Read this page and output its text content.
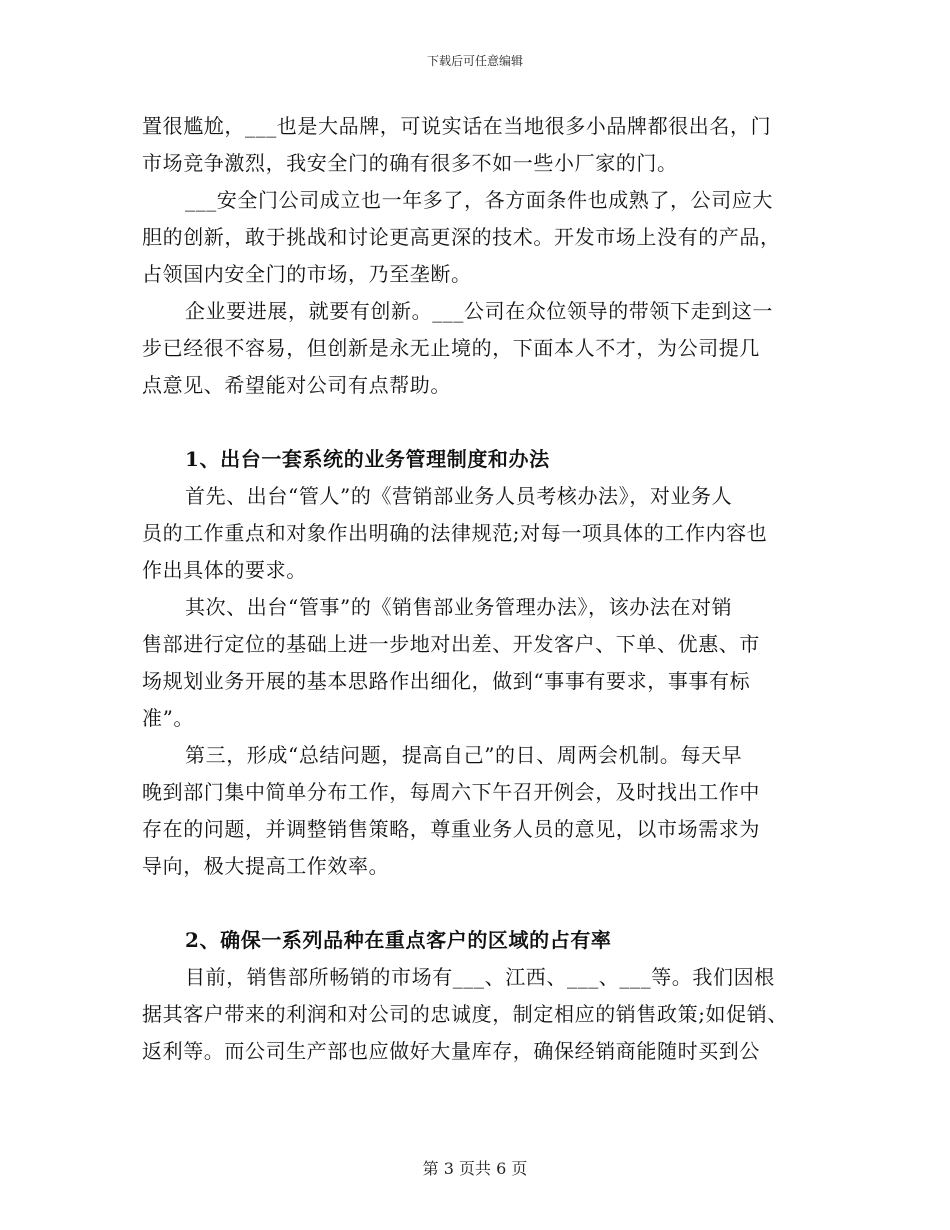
下载后可任意编辑
置很尴尬，___也是大品牌，可说实话在当地很多小品牌都很出名，门
市场竞争激烈，我安全门的确有很多不如一些小厂家的门。
___安全门公司成立也一年多了，各方面条件也成熟了，公司应大
胆的创新，敢于挑战和讨论更高更深的技术。开发市场上没有的产品，
占领国内安全门的市场，乃至垄断。
企业要进展，就要有创新。___公司在众位领导的带领下走到这一
步已经很不容易，但创新是永无止境的，下面本人不才，为公司提几
点意见、希望能对公司有点帮助。
1、出台一套系统的业务管理制度和办法
首先、出台“管人”的《营销部业务人员考核办法》，对业务人
员的工作重点和对象作出明确的法律规范;对每一项具体的工作内容也
作出具体的要求。
其次、出台“管事”的《销售部业务管理办法》，该办法在对销
售部进行定位的基础上进一步地对出差、开发客户、下单、优惠、市
场规划业务开展的基本思路作出细化，做到“事事有要求，事事有标
准”。
第三，形成“总结问题，提高自己”的日、周两会机制。每天早
晚到部门集中简单分布工作，每周六下午召开例会，及时找出工作中
存在的问题，并调整销售策略，尊重业务人员的意见，以市场需求为
导向，极大提高工作效率。
2、确保一系列品种在重点客户的区域的占有率
目前，销售部所畅销的市场有___、江西、___、___等。我们因根
据其客户带来的利润和对公司的忠诚度，制定相应的销售政策;如促销、
返利等。而公司生产部也应做好大量库存，确保经销商能随时买到公
第 3 页共 6 页
